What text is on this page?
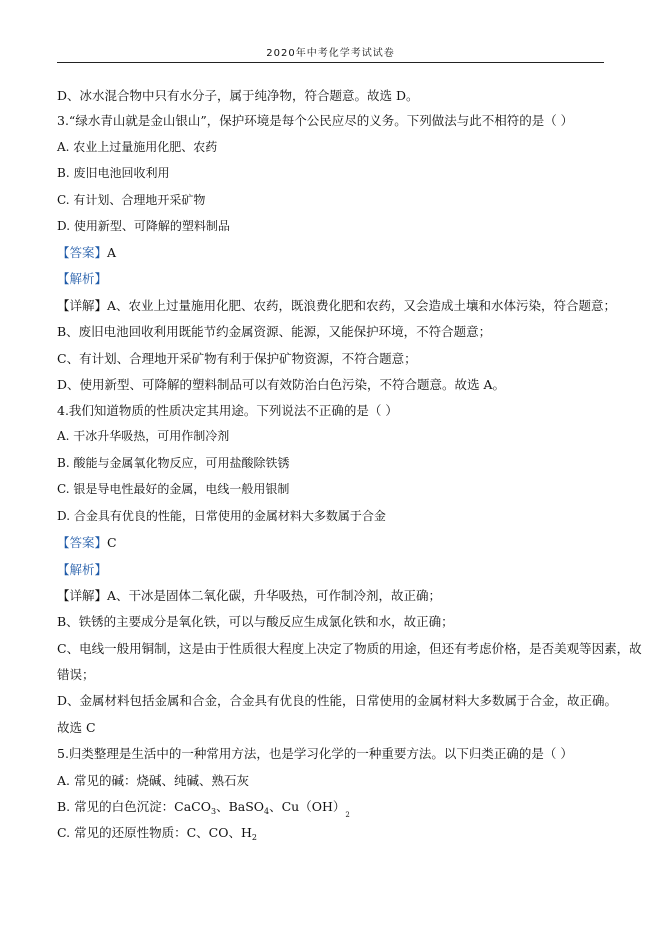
2020年中考化学考试试卷
D、冰水混合物中只有水分子，属于纯净物，符合题意。故选 D。
3.“绿水青山就是金山银山”，保护环境是每个公民应尽的义务。下列做法与此不相符的是（ ）
A. 农业上过量施用化肥、农药
B. 废旧电池回收利用
C. 有计划、合理地开采矿物
D. 使用新型、可降解的塑料制品
【答案】A
【解析】
【详解】A、农业上过量施用化肥、农药，既浪费化肥和农药，又会造成土壤和水体污染，符合题意；
B、废旧电池回收利用既能节约金属资源、能源，又能保护环境，不符合题意；
C、有计划、合理地开采矿物有利于保护矿物资源，不符合题意；
D、使用新型、可降解的塑料制品可以有效防治白色污染，不符合题意。故选 A。
4.我们知道物质的性质决定其用途。下列说法不正确的是（ ）
A. 干冰升华吸热，可用作制冷剂
B. 酸能与金属氧化物反应，可用盐酸除铁锈
C. 银是导电性最好的金属，电线一般用银制
D. 合金具有优良的性能，日常使用的金属材料大多数属于合金
【答案】C
【解析】
【详解】A、干冰是固体二氧化碳，升华吸热，可作制冷剂，故正确；
B、铁锈的主要成分是氧化铁，可以与酸反应生成氯化铁和水，故正确；
C、电线一般用铜制，这是由于性质很大程度上决定了物质的用途，但还有考虑价格，是否美观等因素，故
错误；
D、金属材料包括金属和合金，合金具有优良的性能，日常使用的金属材料大多数属于合金，故正确。
故选 C
5.归类整理是生活中的一种常用方法，也是学习化学的一种重要方法。以下归类正确的是（ ）
A. 常见的碱：烧碱、纯碱、熟石灰
B. 常见的白色沉淀：CaCO$_3$、BaSO$_4$、$Cu(OH)_2$
C. 常见的还原性物质：C、CO、$H_2$
